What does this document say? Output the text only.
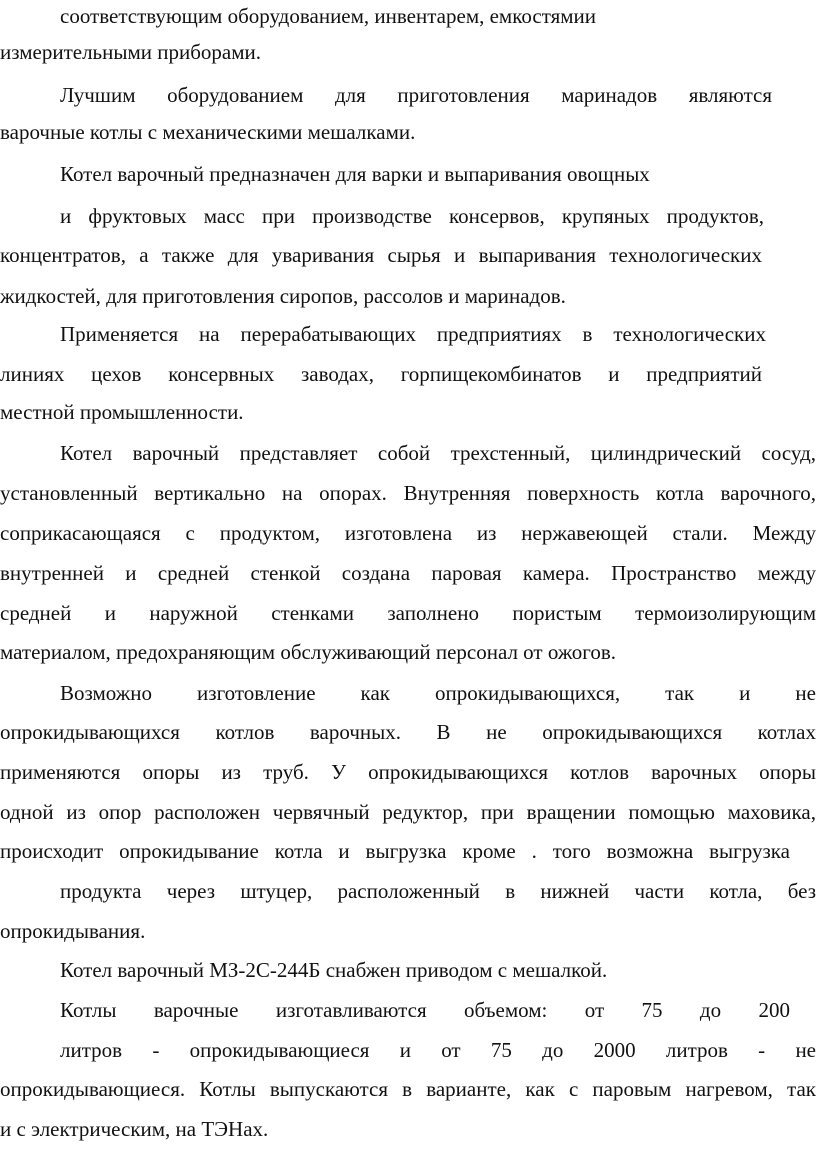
соответствующим оборудованием, инвентарем, емкостямии
измерительными приборами.
Лучшим оборудованием для приготовления маринадов являются
варочные котлы с механическими мешалками.
Котел варочный предназначен для варки и выпаривания овощных
и фруктовых масс при производстве консервов, крупяных продуктов,
концентратов, а также для уваривания сырья и выпаривания технологических
жидкостей, для приготовления сиропов, рассолов и маринадов.
Применяется на перерабатывающих предприятиях в технологических
линиях цехов консервных заводах, горпищекомбинатов и предприятий
местной промышленности.
Котел варочный представляет собой трехстенный, цилиндрический сосуд,
установленный вертикально на опорах. Внутренняя поверхность котла варочного,
соприкасающаяся с продуктом, изготовлена из нержавеющей стали. Между
внутренней и средней стенкой создана паровая камера. Пространство между
средней и наружной стенками заполнено пористым термоизолирующим
материалом, предохраняющим обслуживающий персонал от ожогов.
Возможно изготовление как опрокидывающихся, так и не
опрокидывающихся котлов варочных. В не опрокидывающихся котлах
применяются опоры из труб. У опрокидывающихся котлов варочных опоры
одной из опор расположен червячный редуктор, при вращении помощью маховика,
происходит опрокидывание котла и выгрузка кроме . того возможна выгрузка
продукта через штуцер, расположенный в нижней части котла, без
опрокидывания.
Котел варочный МЗ-2С-244Б снабжен приводом с мешалкой.
Котлы варочные изготавливаются объемом: от 75 до 200
литров - опрокидывающиеся и от 75 до 2000 литров - не
опрокидывающиеся. Котлы выпускаются в варианте, как с паровым нагревом, так
и с электрическим, на ТЭНах.
